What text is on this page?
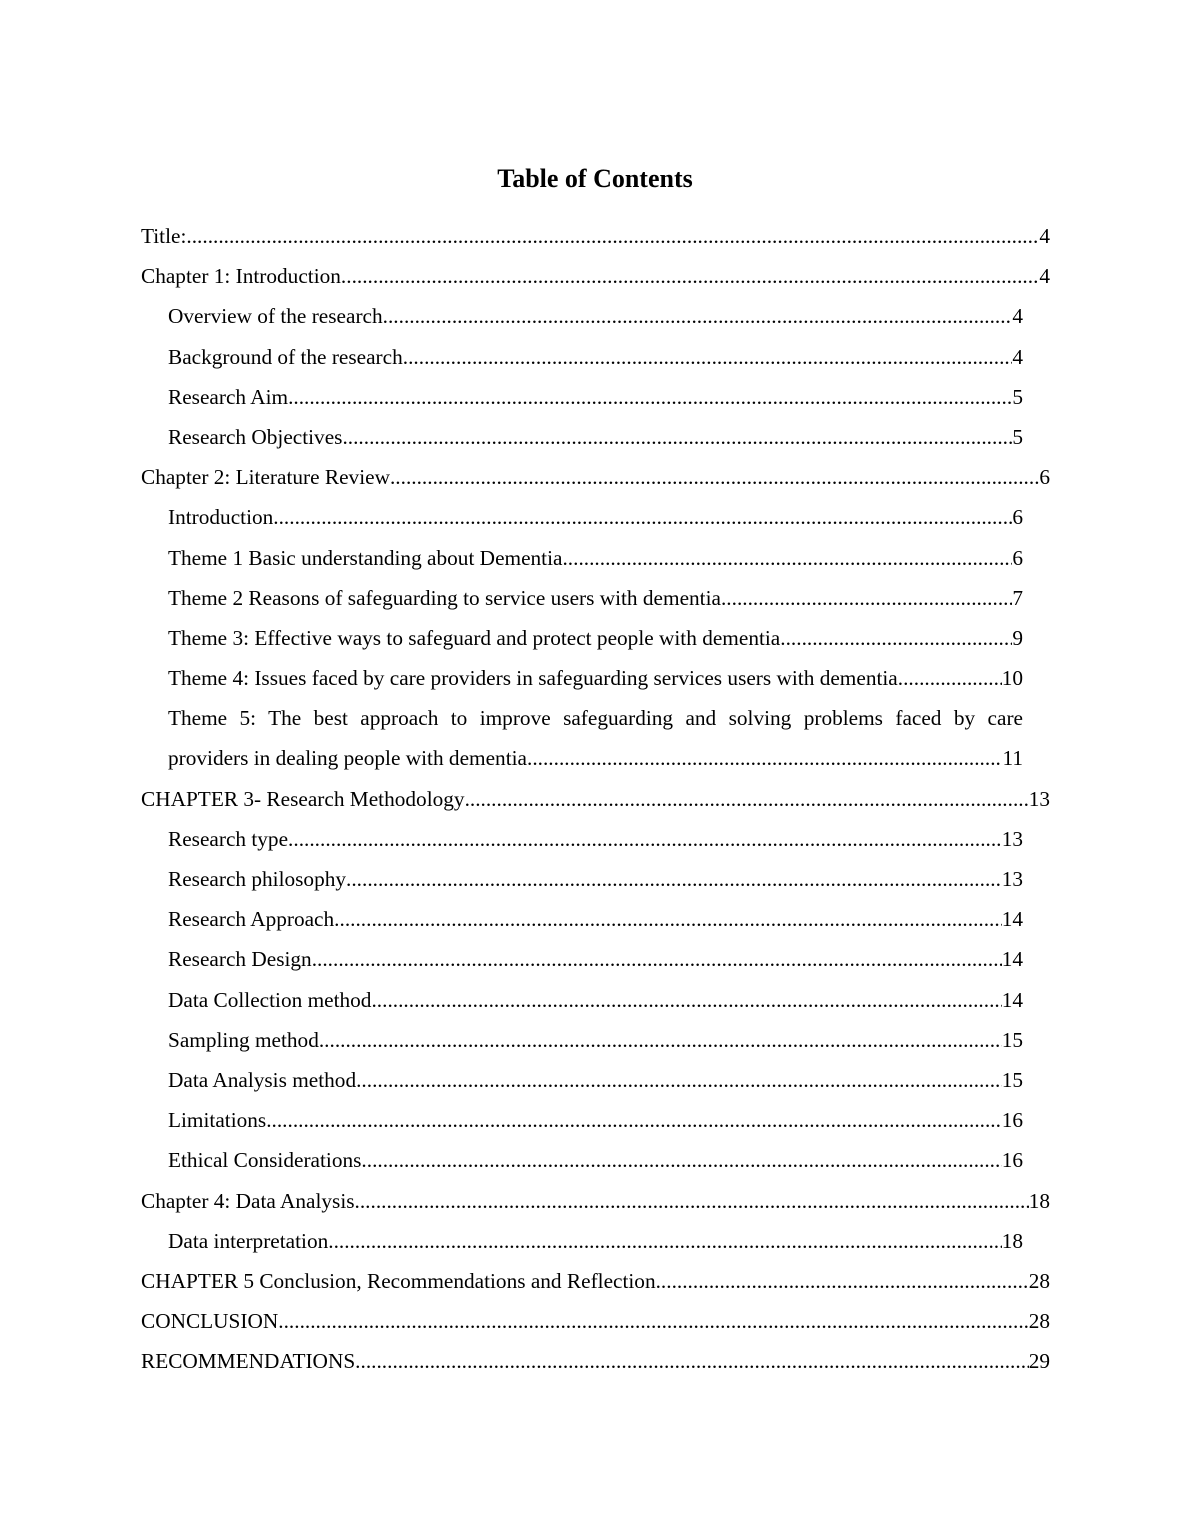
Table of Contents
Title: .....	4
Chapter 1: Introduction .....	4
Overview of the research .....	4
Background of the research .....	4
Research Aim .....	5
Research Objectives .....	5
Chapter 2: Literature Review .....	6
Introduction .....	6
Theme 1 Basic understanding about Dementia .....	6
Theme 2 Reasons of safeguarding to service users with dementia .....	7
Theme 3: Effective ways to safeguard and protect people with dementia .....	9
Theme 4: Issues faced by care providers in safeguarding services users with dementia .....	10
Theme 5: The best approach to improve safeguarding and solving problems faced by care
providers in dealing people with dementia .....	11
CHAPTER 3- Research Methodology .....	13
Research type .....	13
Research philosophy .....	13
Research Approach .....	14
Research Design .....	14
Data Collection method .....	14
Sampling method .....	15
Data Analysis method .....	15
Limitations .....	16
Ethical Considerations .....	16
Chapter 4: Data Analysis .....	18
Data interpretation .....	18
CHAPTER 5 Conclusion, Recommendations and Reflection .....	28
CONCLUSION .....	28
RECOMMENDATIONS .....	29
